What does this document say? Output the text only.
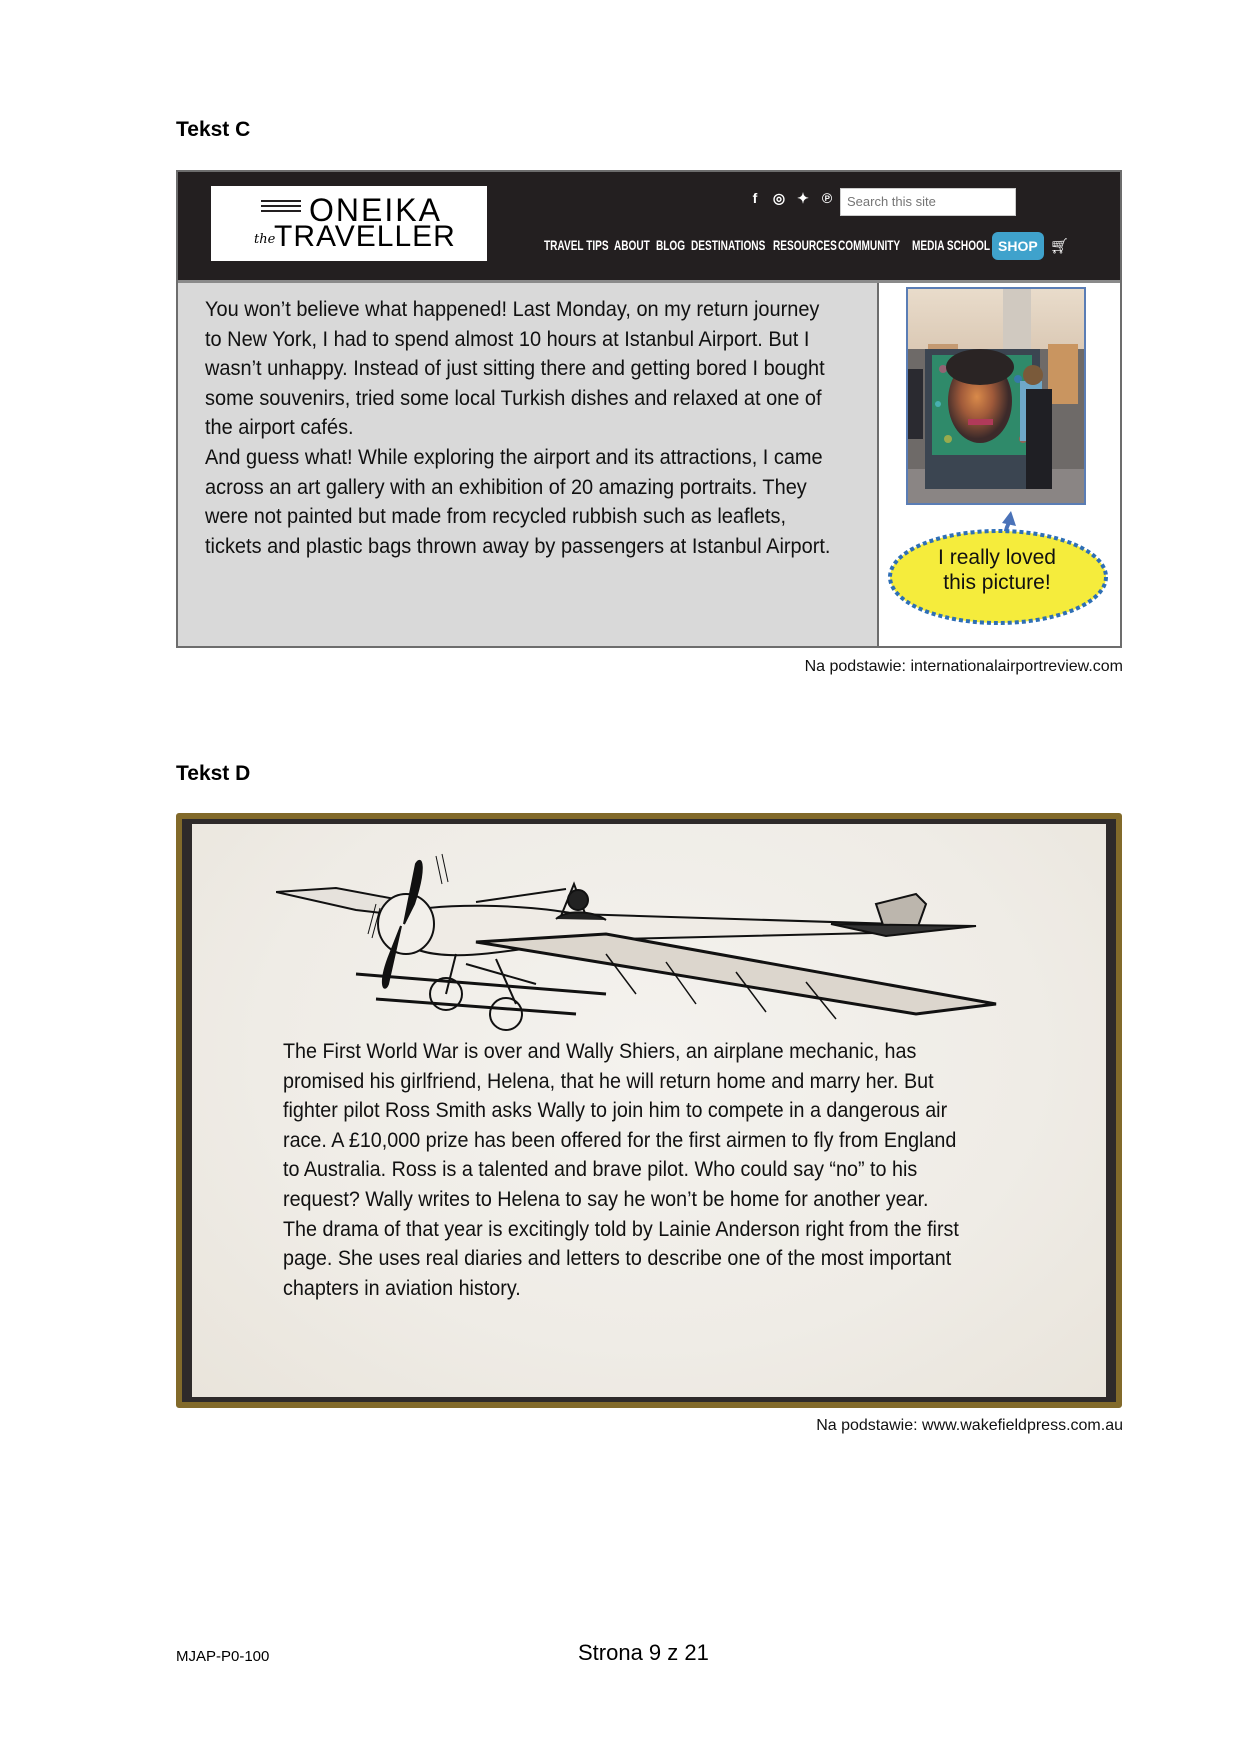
Tekst C
ONEIKA
the
TRAVELLER
f	◎ ✦ ℗
Search this site
TRAVEL TIPS ABOUT BLOG DESTINATIONS RESOURCES COMMUNITY MEDIA SCHOOL SHOP 🛒︎

You won’t believe what happened! Last Monday, on my return journey to New York, I had to spend almost 10 hours at Istanbul Airport. But I wasn’t unhappy. Instead of just sitting there and getting bored I bought some souvenirs, tried some local Turkish dishes and relaxed at one of the airport cafés.
And guess what! While exploring the airport and its attractions, I came across an art gallery with an exhibition of 20 amazing portraits. They were not painted but made from recycled rubbish such as leaflets, tickets and plastic bags thrown away by passengers at Istanbul Airport.	I really loved
this picture!
Na podstawie: internationalairportreview.com
Tekst D

The First World War is over and Wally Shiers, an airplane mechanic, has promised his girlfriend, Helena, that he will return home and marry her. But fighter pilot Ross Smith asks Wally to join him to compete in a dangerous air race. A £10,000 prize has been offered for the first airmen to fly from England to Australia. Ross is a talented and brave pilot. Who could say “no” to his request? Wally writes to Helena to say he won’t be home for another year.
The drama of that year is excitingly told by Lainie Anderson right from the first page. She uses real diaries and letters to describe one of the most important chapters in aviation history.

Na podstawie: www.wakefieldpress.com.au
MJAP-P0-100	Strona 9 z 21
